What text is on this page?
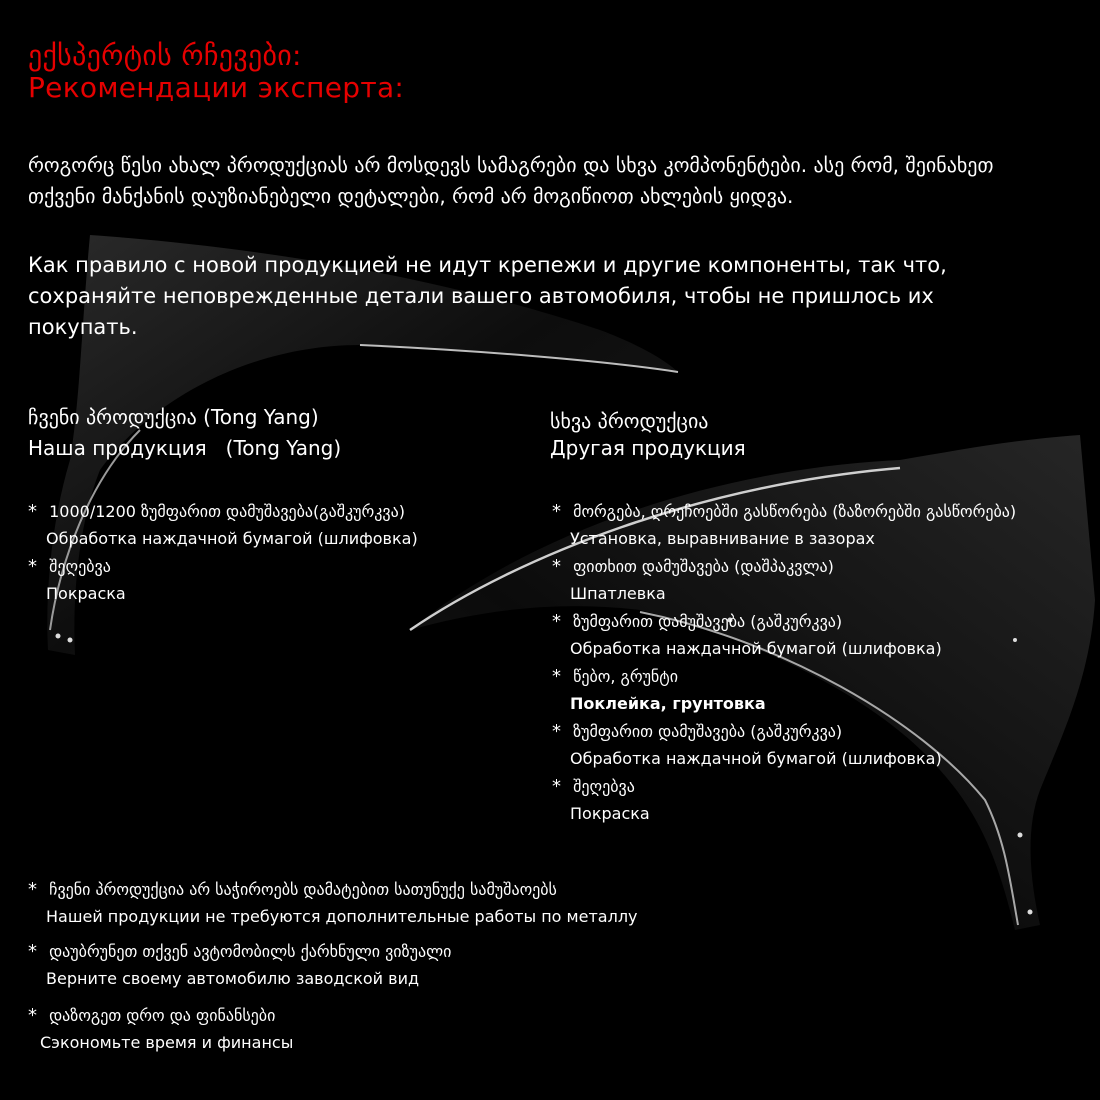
ექსპერტის რჩევები:
Рекомендации эксперта:
როგორც წესი ახალ პროდუქციას არ მოსდევს სამაგრები და სხვა კომპონენტები. ასე რომ, შეინახეთ თქვენი მანქანის დაუზიანებელი დეტალები, რომ არ მოგიწიოთ ახლების ყიდვა.
Как правило с новой продукцией не идут крепежи и другие компоненты, так что, сохраняйте неповрежденные детали вашего автомобиля, чтобы не пришлось их покупать.
ჩვენი პროდუქცია (Tong Yang)
Наша продукция   (Tong Yang)
სხვა პროდუქცია
Другая продукция
* 1000/1200 ზუმფარით დამუშავება(გაშკურკვა)
Обработка наждачной бумагой (шлифовка)
* შეღებვა
Покраска
* მორგება, ღრეჩოებში გასწორება (ზაზორებში გასწორება)
Установка, выравнивание в зазорах
* ფითხით დამუშავება (დაშპაკვლა)
Шпатлевка
* ზუმფარით დამუშავება (გაშკურკვა)
Обработка наждачной бумагой (шлифовка)
* წებო, გრუნტი
Поклейка, грунтовка
* ზუმფარით დამუშავება (გაშკურკვა)
Обработка наждачной бумагой (шлифовка)
* შეღებვა
Покраска
* ჩვენი პროდუქცია არ საჭიროებს დამატებით სათუნუქე სამუშაოებს
Нашей продукции не требуются дополнительные работы по металлу
* დაუბრუნეთ თქვენ ავტომობილს ქარხნული ვიზუალი
Верните своему автомобилю заводской вид
* დაზოგეთ დრო და ფინანსები
Сэкономьте время и финансы
